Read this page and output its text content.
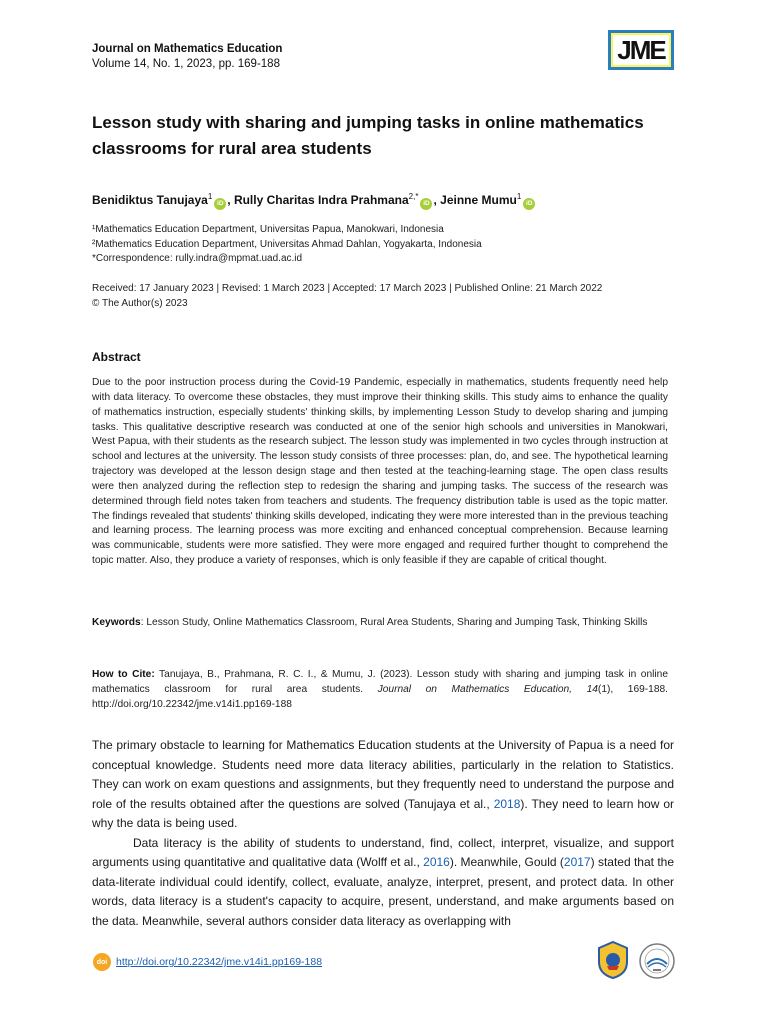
Journal on Mathematics Education
Volume 14, No. 1, 2023, pp. 169-188	JME
Lesson study with sharing and jumping tasks in online mathematics classrooms for rural area students
Benidiktus Tanujaya$^1$iD , Rully Charitas Indra Prahmana$^{2,*}$iD , Jeinne Mumu$^1$iD
¹Mathematics Education Department, Universitas Papua, Manokwari, Indonesia
²Mathematics Education Department, Universitas Ahmad Dahlan, Yogyakarta, Indonesia
*Correspondence: rully.indra@mpmat.uad.ac.id
Received: 17 January 2023 | Revised: 1 March 2023 | Accepted: 17 March 2023 | Published Online: 21 March 2022
© The Author(s) 2023
Abstract

Due to the poor instruction process during the Covid-19 Pandemic, especially in mathematics, students frequently need help with data literacy. To overcome these obstacles, they must improve their thinking skills. This study aims to enhance the quality of mathematics instruction, especially students' thinking skills, by implementing Lesson Study to develop sharing and jumping tasks. This qualitative descriptive research was conducted at one of the senior high schools and universities in Manokwari, West Papua, with their students as the research subject. The lesson study was implemented in two cycles through instruction at school and lectures at the university. The lesson study consists of three processes: plan, do, and see. The hypothetical learning trajectory was developed at the lesson design stage and then tested at the teaching-learning stage. The open class results were then analyzed during the reflection step to redesign the sharing and jumping tasks. The success of the research was determined through field notes taken from teachers and students. The frequency distribution table is used as the topic matter. The findings revealed that students' thinking skills developed, indicating they were more interested than in the previous teaching and learning process. The learning process was more exciting and enhanced conceptual comprehension. Because learning was communicable, students were more satisfied. They were more engaged and required further thought to comprehend the topic matter. Also, they produce a variety of responses, which is only feasible if they are capable of critical thought.

Keywords: Lesson Study, Online Mathematics Classroom, Rural Area Students, Sharing and Jumping Task, Thinking Skills

How to Cite: Tanujaya, B., Prahmana, R. C. I., & Mumu, J. (2023). Lesson study with sharing and jumping task in online mathematics classroom for rural area students. Journal on Mathematics Education, 14(1), 169-188. http://doi.org/10.22342/jme.v14i1.pp169-188

The primary obstacle to learning for Mathematics Education students at the University of Papua is a need for conceptual knowledge. Students need more data literacy abilities, particularly in the relation to Statistics. They can work on exam questions and assignments, but they frequently need to understand the purpose and role of the results obtained after the questions are solved (Tanujaya et al., 2018). They need to learn how or why the data is being used.

Data literacy is the ability of students to understand, find, collect, interpret, visualize, and support arguments using quantitative and qualitative data (Wolff et al., 2016). Meanwhile, Gould (2017) stated that the data-literate individual could identify, collect, evaluate, analyze, interpret, present, and protect data. In other words, data literacy is a student's capacity to acquire, present, understand, and make arguments based on the data. Meanwhile, several authors consider data literacy as overlapping with

doi http://doi.org/10.22342/jme.v14i1.pp169-188
